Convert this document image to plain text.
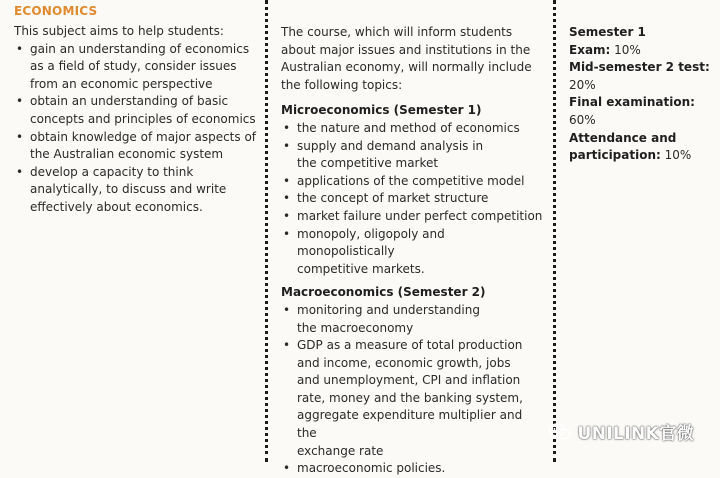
ECONOMICS
This subject aims to help students:
• gain an understanding of economics
as a field of study, consider issues
from an economic perspective
• obtain an understanding of basic
concepts and principles of economics
• obtain knowledge of major aspects of
the Australian economic system
• develop a capacity to think
analytically, to discuss and write
effectively about economics.
The course, which will inform students
about major issues and institutions in the
Australian economy, will normally include
the following topics:
Microeconomics (Semester 1)
• the nature and method of economics
• supply and demand analysis in
the competitive market
• applications of the competitive model
• the concept of market structure
• market failure under perfect competition
• monopoly, oligopoly and monopolistically
competitive markets.
Macroeconomics (Semester 2)
• monitoring and understanding
the macroeconomy
• GDP as a measure of total production
and income, economic growth, jobs
and unemployment, CPI and inflation
rate, money and the banking system,
aggregate expenditure multiplier and the
exchange rate
• macroeconomic policies.
Semester 1
Exam: 10%
Mid-semester 2 test:
20%
Final examination: 60%
Attendance and
participation: 10%
UNILINK官微
